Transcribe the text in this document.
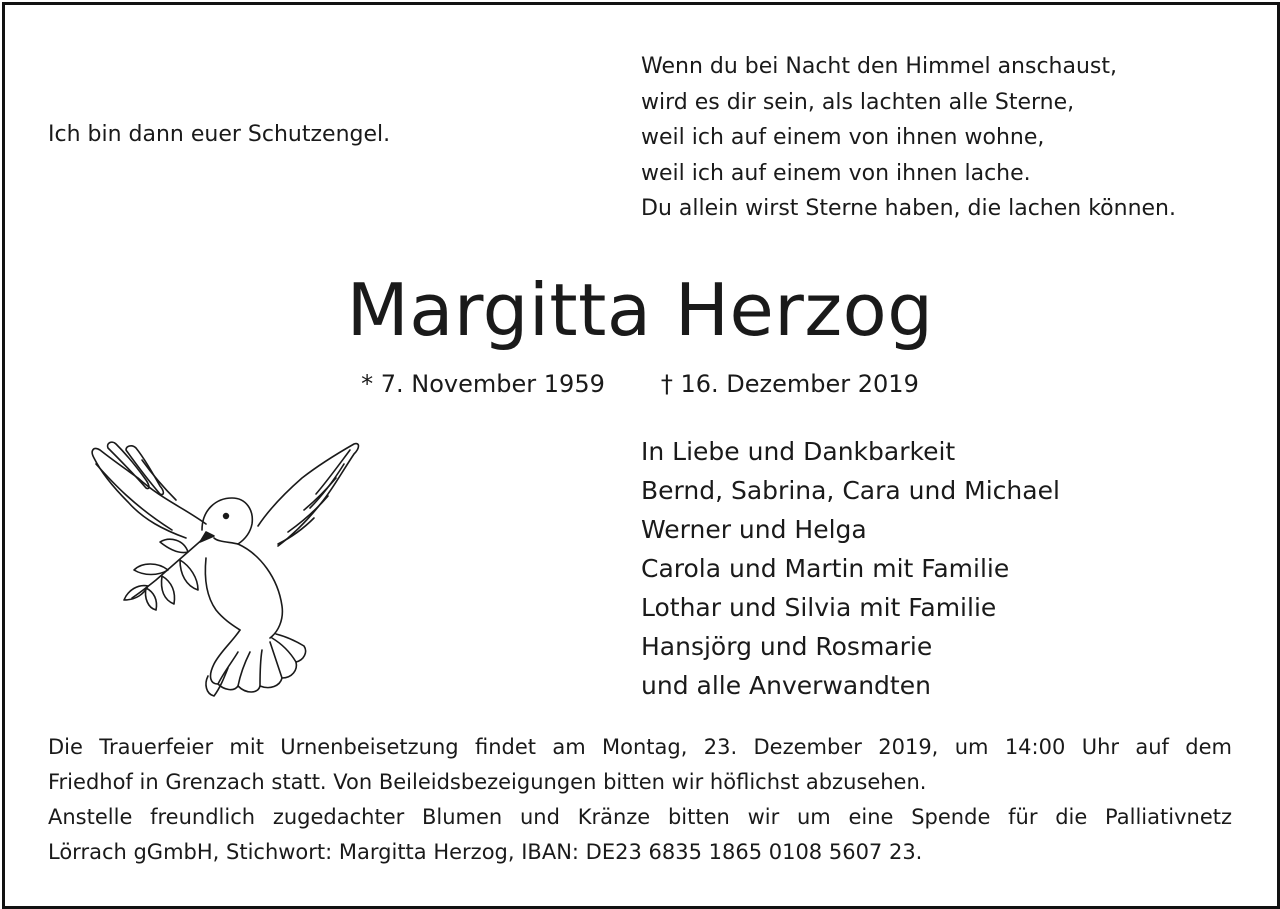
Ich bin dann euer Schutzengel.
Wenn du bei Nacht den Himmel anschaust,
wird es dir sein, als lachten alle Sterne,
weil ich auf einem von ihnen wohne,
weil ich auf einem von ihnen lache.
Du allein wirst Sterne haben, die lachen können.
Margitta Herzog
* 7. November 1959 † 16. Dezember 2019
In Liebe und Dankbarkeit
Bernd, Sabrina, Cara und Michael
Werner und Helga
Carola und Martin mit Familie
Lothar und Silvia mit Familie
Hansjörg und Rosmarie
und alle Anverwandten
Die Trauerfeier mit Urnenbeisetzung findet am Montag, 23. Dezember 2019, um 14:00 Uhr auf dem
Friedhof in Grenzach statt. Von Beileidsbezeigungen bitten wir höflichst abzusehen.
Anstelle freundlich zugedachter Blumen und Kränze bitten wir um eine Spende für die Palliativnetz
Lörrach gGmbH, Stichwort: Margitta Herzog, IBAN: DE23 6835 1865 0108 5607 23.
